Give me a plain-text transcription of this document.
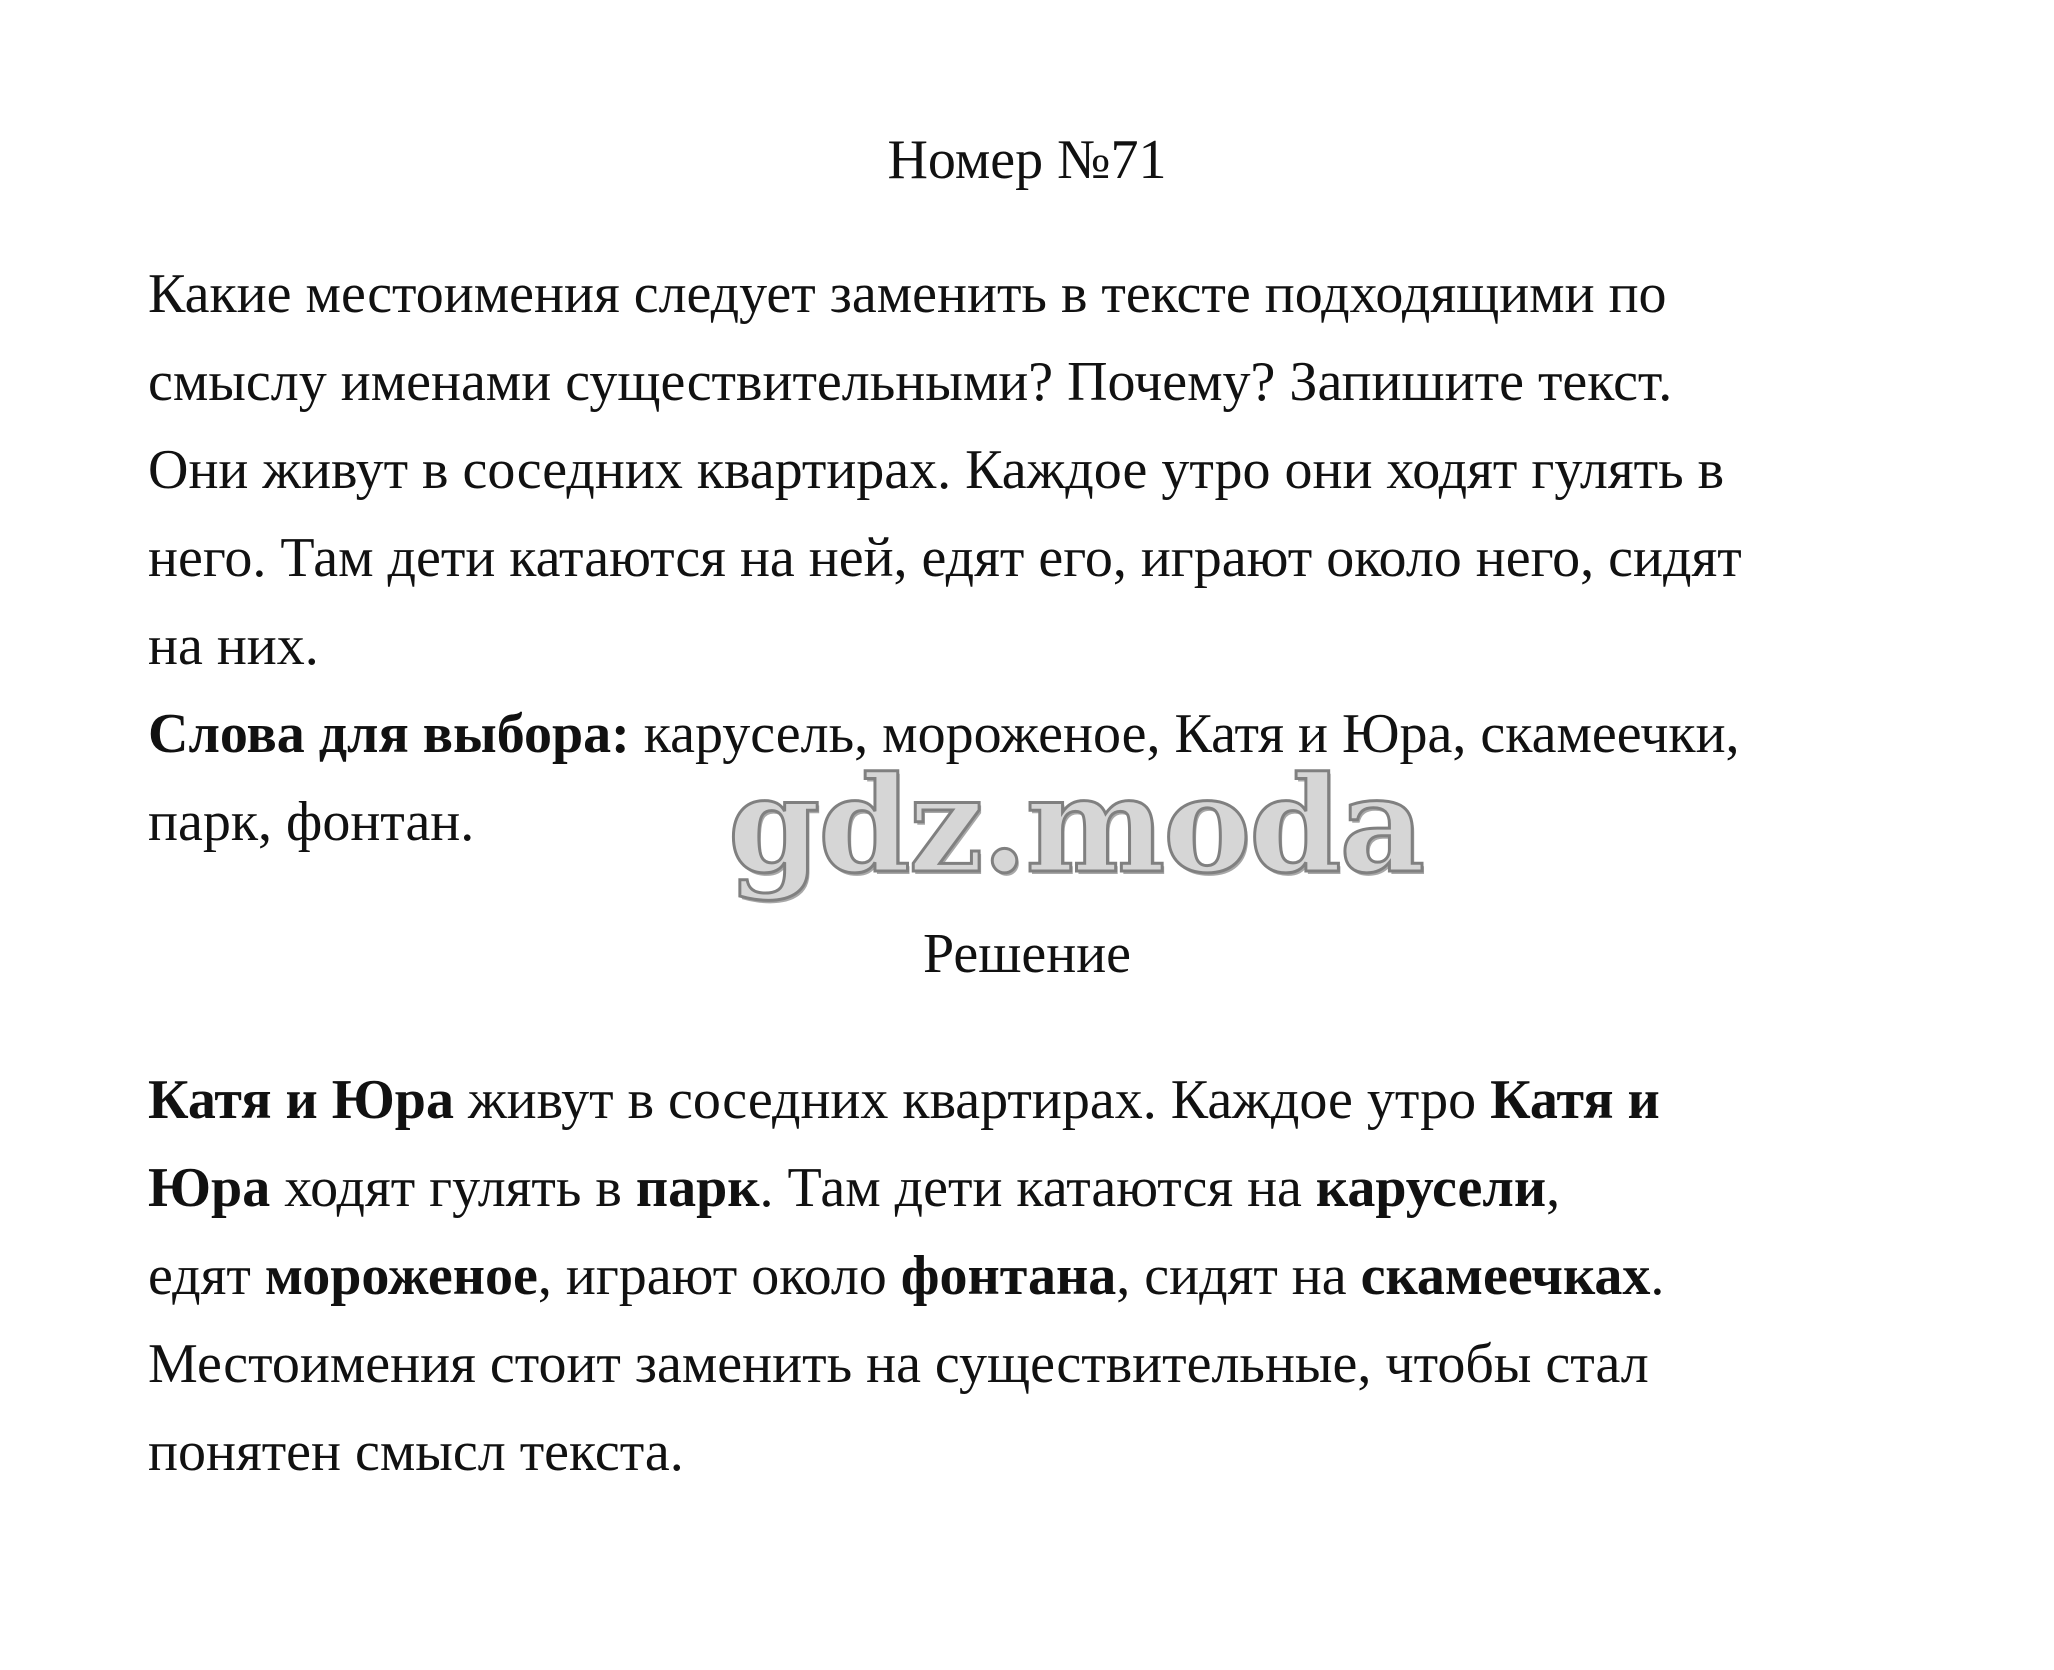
Номер №71
Какие местоимения следует заменить в тексте подходящими по
смыслу именами существительными? Почему? Запишите текст.
Они живут в соседних квартирах. Каждое утро они ходят гулять в
него. Там дети катаются на ней, едят его, играют около него, сидят
на них.
Слова для выбора: карусель, мороженое, Катя и Юра, скамеечки,
парк, фонтан.	gdz.moda
Решение
Катя и Юра живут в соседних квартирах. Каждое утро Катя и
Юра ходят гулять в парк. Там дети катаются на карусели,
едят мороженое, играют около фонтана, сидят на скамеечках.
Местоимения стоит заменить на существительные, чтобы стал
понятен смысл текста.
